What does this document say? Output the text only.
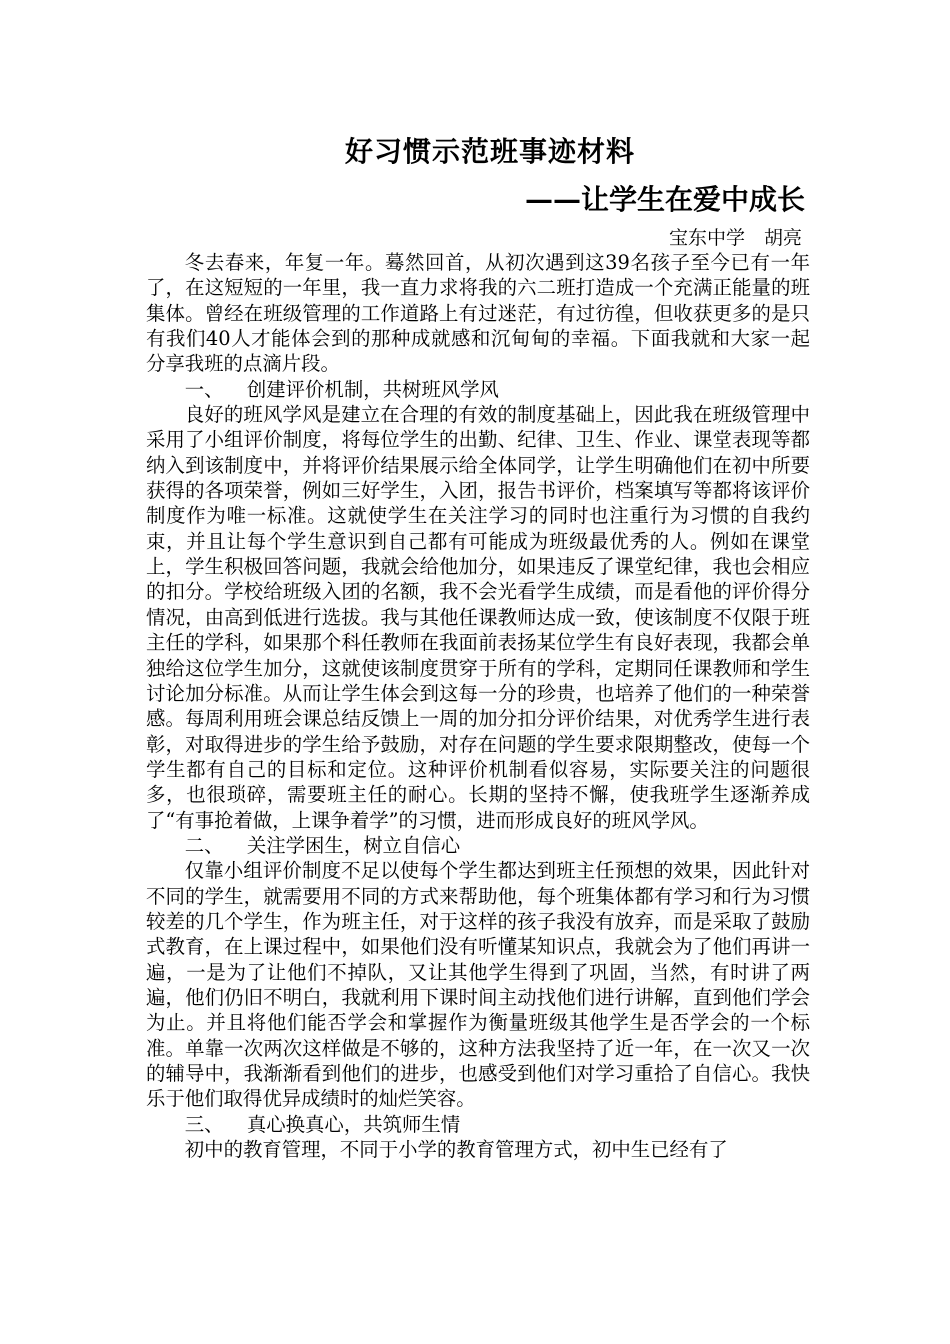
好习惯示范班事迹材料
——让学生在爱中成长
宝东中学　胡亮

冬去春来，年复一年。蓦然回首，从初次遇到这39名孩子至今已有一年了，在这短短的一年里，我一直力求将我的六二班打造成一个充满正能量的班集体。曾经在班级管理的工作道路上有过迷茫，有过彷徨，但收获更多的是只有我们40人才能体会到的那种成就感和沉甸甸的幸福。下面我就和大家一起分享我班的点滴片段。

一、 创建评价机制，共树班风学风

良好的班风学风是建立在合理的有效的制度基础上，因此我在班级管理中采用了小组评价制度，将每位学生的出勤、纪律、卫生、作业、课堂表现等都纳入到该制度中，并将评价结果展示给全体同学，让学生明确他们在初中所要获得的各项荣誉，例如三好学生，入团，报告书评价，档案填写等都将该评价制度作为唯一标准。这就使学生在关注学习的同时也注重行为习惯的自我约束，并且让每个学生意识到自己都有可能成为班级最优秀的人。例如在课堂上，学生积极回答问题，我就会给他加分，如果违反了课堂纪律，我也会相应的扣分。学校给班级入团的名额，我不会光看学生成绩，而是看他的评价得分情况，由高到低进行选拔。我与其他任课教师达成一致，使该制度不仅限于班主任的学科，如果那个科任教师在我面前表扬某位学生有良好表现，我都会单独给这位学生加分，这就使该制度贯穿于所有的学科，定期同任课教师和学生讨论加分标准。从而让学生体会到这每一分的珍贵，也培养了他们的一种荣誉感。每周利用班会课总结反馈上一周的加分扣分评价结果，对优秀学生进行表彰，对取得进步的学生给予鼓励，对存在问题的学生要求限期整改，使每一个学生都有自己的目标和定位。这种评价机制看似容易，实际要关注的问题很多，也很琐碎，需要班主任的耐心。长期的坚持不懈，使我班学生逐渐养成了“有事抢着做，上课争着学”的习惯，进而形成良好的班风学风。

二、 关注学困生，树立自信心

仅靠小组评价制度不足以使每个学生都达到班主任预想的效果，因此针对不同的学生，就需要用不同的方式来帮助他，每个班集体都有学习和行为习惯较差的几个学生，作为班主任，对于这样的孩子我没有放弃，而是采取了鼓励式教育，在上课过程中，如果他们没有听懂某知识点，我就会为了他们再讲一遍，一是为了让他们不掉队，又让其他学生得到了巩固，当然，有时讲了两遍，他们仍旧不明白，我就利用下课时间主动找他们进行讲解，直到他们学会为止。并且将他们能否学会和掌握作为衡量班级其他学生是否学会的一个标准。单靠一次两次这样做是不够的，这种方法我坚持了近一年，在一次又一次的辅导中，我渐渐看到他们的进步，也感受到他们对学习重拾了自信心。我快乐于他们取得优异成绩时的灿烂笑容。

三、 真心换真心，共筑师生情

初中的教育管理，不同于小学的教育管理方式，初中生已经有了
